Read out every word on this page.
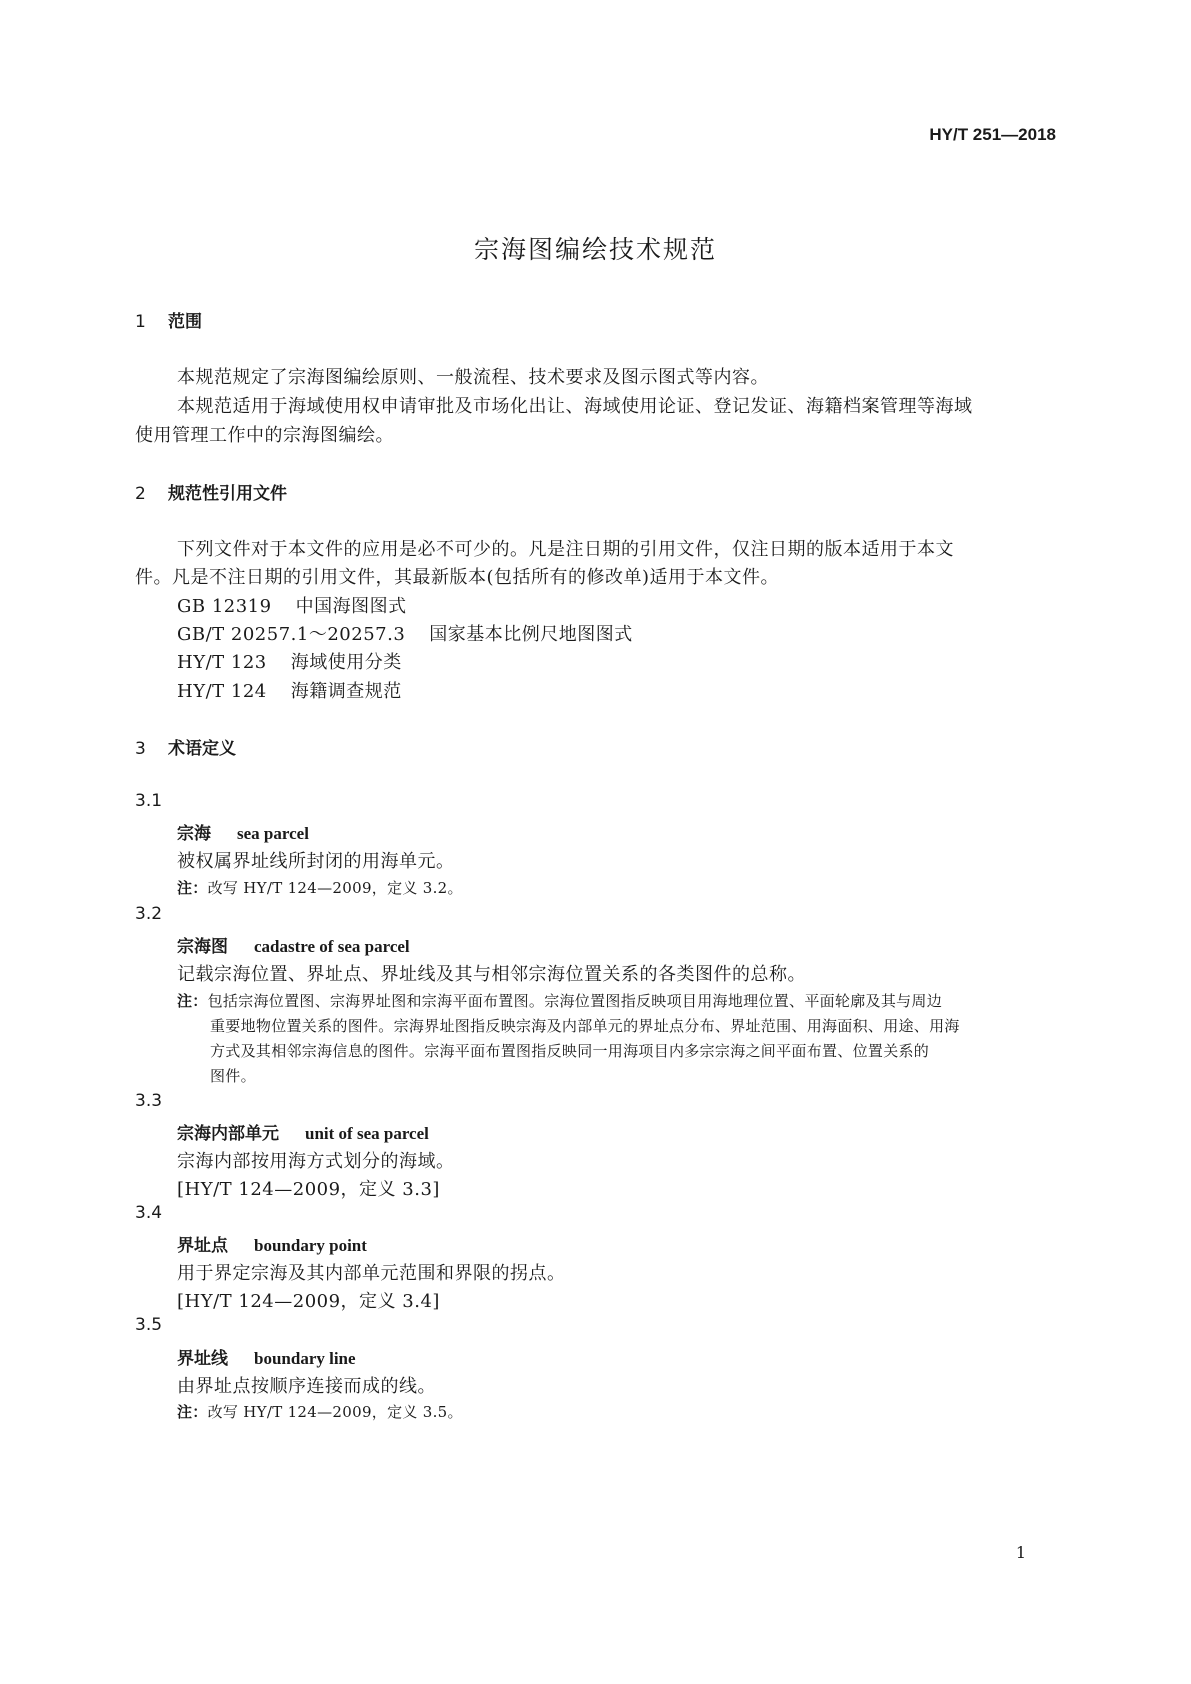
HY/T 251—2018
宗海图编绘技术规范
1 范围
本规范规定了宗海图编绘原则、一般流程、技术要求及图示图式等内容。
本规范适用于海域使用权申请审批及市场化出让、海域使用论证、登记发证、海籍档案管理等海域
使用管理工作中的宗海图编绘。
2 规范性引用文件
下列文件对于本文件的应用是必不可少的。凡是注日期的引用文件，仅注日期的版本适用于本文
件。凡是不注日期的引用文件，其最新版本(包括所有的修改单)适用于本文件。
GB 12319 中国海图图式
GB/T 20257.1～20257.3 国家基本比例尺地图图式
HY/T 123 海域使用分类
HY/T 124 海籍调查规范
3 术语定义
3.1
宗海 sea parcel
被权属界址线所封闭的用海单元。
注：改写 HY/T 124—2009，定义 3.2。
3.2
宗海图 cadastre of sea parcel
记载宗海位置、界址点、界址线及其与相邻宗海位置关系的各类图件的总称。
注：包括宗海位置图、宗海界址图和宗海平面布置图。宗海位置图指反映项目用海地理位置、平面轮廓及其与周边
重要地物位置关系的图件。宗海界址图指反映宗海及内部单元的界址点分布、界址范围、用海面积、用途、用海
方式及其相邻宗海信息的图件。宗海平面布置图指反映同一用海项目内多宗宗海之间平面布置、位置关系的
图件。
3.3
宗海内部单元 unit of sea parcel
宗海内部按用海方式划分的海域。
[HY/T 124—2009，定义 3.3]
3.4
界址点 boundary point
用于界定宗海及其内部单元范围和界限的拐点。
[HY/T 124—2009，定义 3.4]
3.5
界址线 boundary line
由界址点按顺序连接而成的线。
注：改写 HY/T 124—2009，定义 3.5。
1
